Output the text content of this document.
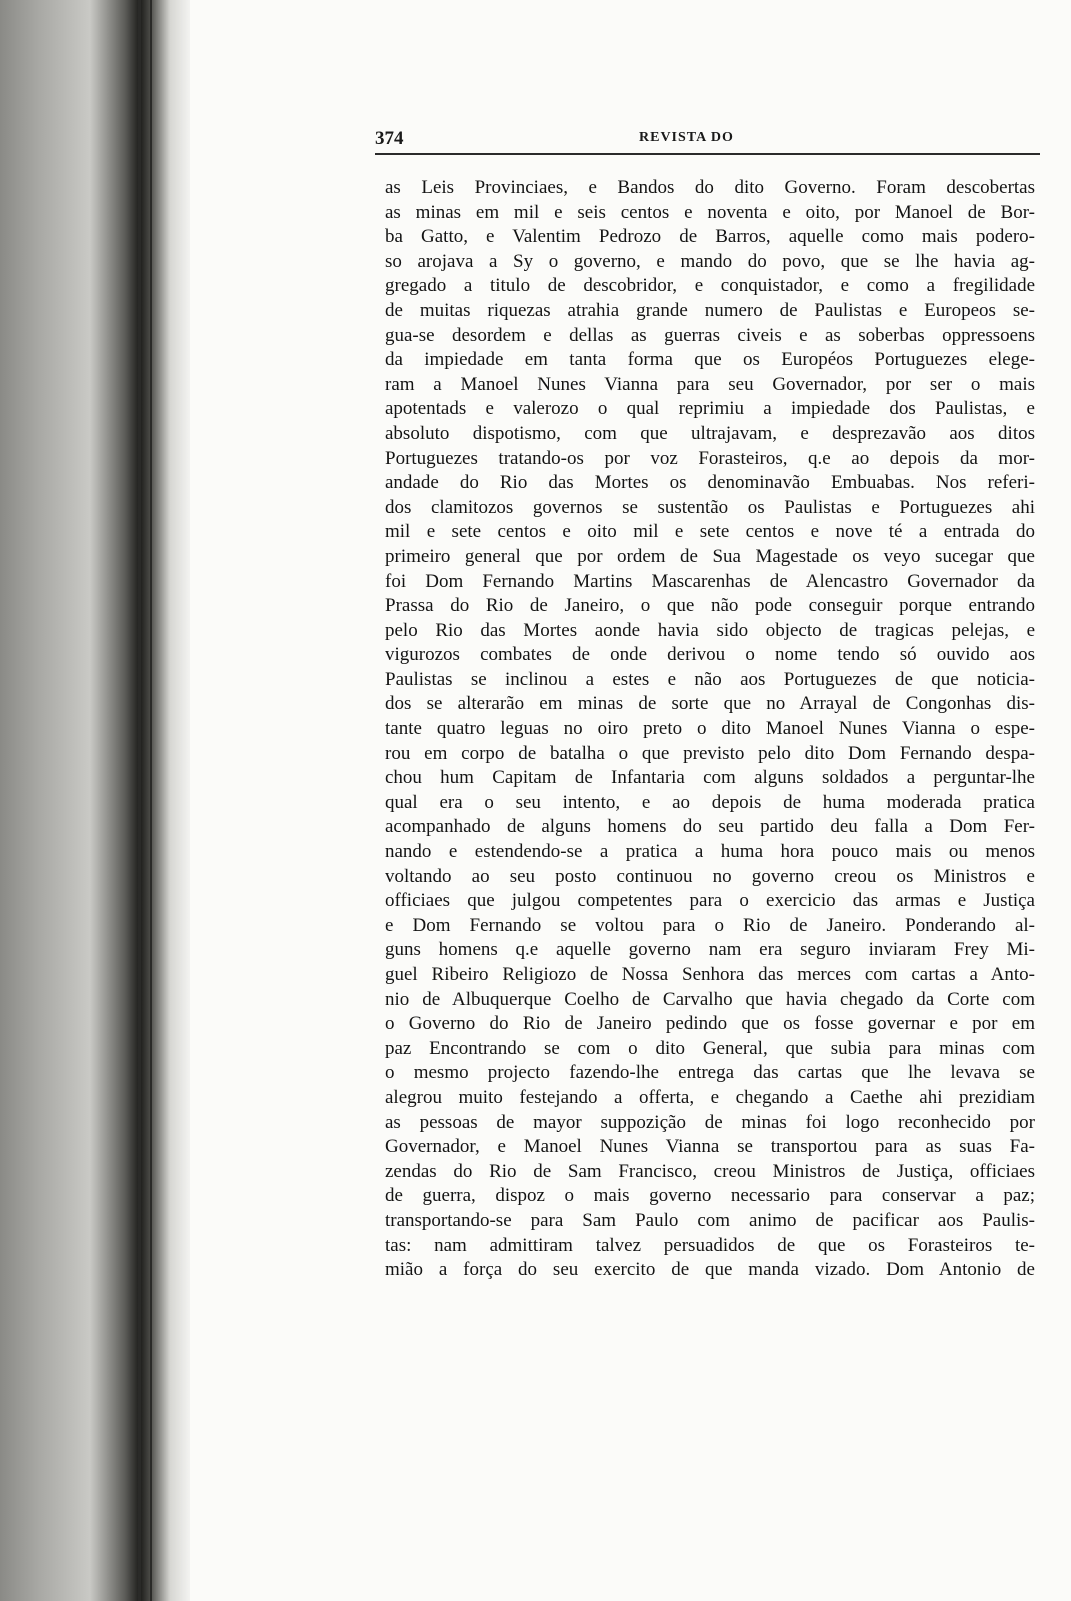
374	REVISTA DO
as Leis Provinciaes, e Bandos do dito Governo. Foram descobertas
as minas em mil e seis centos e noventa e oito, por Manoel de Bor-
ba Gatto, e Valentim Pedrozo de Barros, aquelle como mais podero-
so arojava a Sy o governo, e mando do povo, que se lhe havia ag-
gregado a titulo de descobridor, e conquistador, e como a fregilidade
de muitas riquezas atrahia grande numero de Paulistas e Europeos se-
gua-se desordem e dellas as guerras civeis e as soberbas oppressoens
da impiedade em tanta forma que os Européos Portuguezes elege-
ram a Manoel Nunes Vianna para seu Governador, por ser o mais
apotentads e valerozo o qual reprimiu a impiedade dos Paulistas, e
absoluto dispotismo, com que ultrajavam, e desprezavão aos ditos
Portuguezes tratando-os por voz Forasteiros, q.e ao depois da mor-
andade do Rio das Mortes os denominavão Embuabas. Nos referi-
dos clamitozos governos se sustentão os Paulistas e Portuguezes ahi
mil e sete centos e oito mil e sete centos e nove té a entrada do
primeiro general que por ordem de Sua Magestade os veyo sucegar que
foi Dom Fernando Martins Mascarenhas de Alencastro Governador da
Prassa do Rio de Janeiro, o que não pode conseguir porque entrando
pelo Rio das Mortes aonde havia sido objecto de tragicas pelejas, e
vigurozos combates de onde derivou o nome tendo só ouvido aos
Paulistas se inclinou a estes e não aos Portuguezes de que noticia-
dos se alterarão em minas de sorte que no Arrayal de Congonhas dis-
tante quatro leguas no oiro preto o dito Manoel Nunes Vianna o espe-
rou em corpo de batalha o que previsto pelo dito Dom Fernando despa-
chou hum Capitam de Infantaria com alguns soldados a perguntar-lhe
qual era o seu intento, e ao depois de huma moderada pratica
acompanhado de alguns homens do seu partido deu falla a Dom Fer-
nando e estendendo-se a pratica a huma hora pouco mais ou menos
voltando ao seu posto continuou no governo creou os Ministros e
officiaes que julgou competentes para o exercicio das armas e Justiça
e Dom Fernando se voltou para o Rio de Janeiro. Ponderando al-
guns homens q.e aquelle governo nam era seguro inviaram Frey Mi-
guel Ribeiro Religiozo de Nossa Senhora das merces com cartas a Anto-
nio de Albuquerque Coelho de Carvalho que havia chegado da Corte com
o Governo do Rio de Janeiro pedindo que os fosse governar e por em
paz Encontrando se com o dito General, que subia para minas com
o mesmo projecto fazendo-lhe entrega das cartas que lhe levava se
alegrou muito festejando a offerta, e chegando a Caethe ahi prezidiam
as pessoas de mayor suppozição de minas foi logo reconhecido por
Governador, e Manoel Nunes Vianna se transportou para as suas Fa-
zendas do Rio de Sam Francisco, creou Ministros de Justiça, officiaes
de guerra, dispoz o mais governo necessario para conservar a paz;
transportando-se para Sam Paulo com animo de pacificar aos Paulis-
tas: nam admittiram talvez persuadidos de que os Forasteiros te-
mião a força do seu exercito de que manda vizado. Dom Antonio de
